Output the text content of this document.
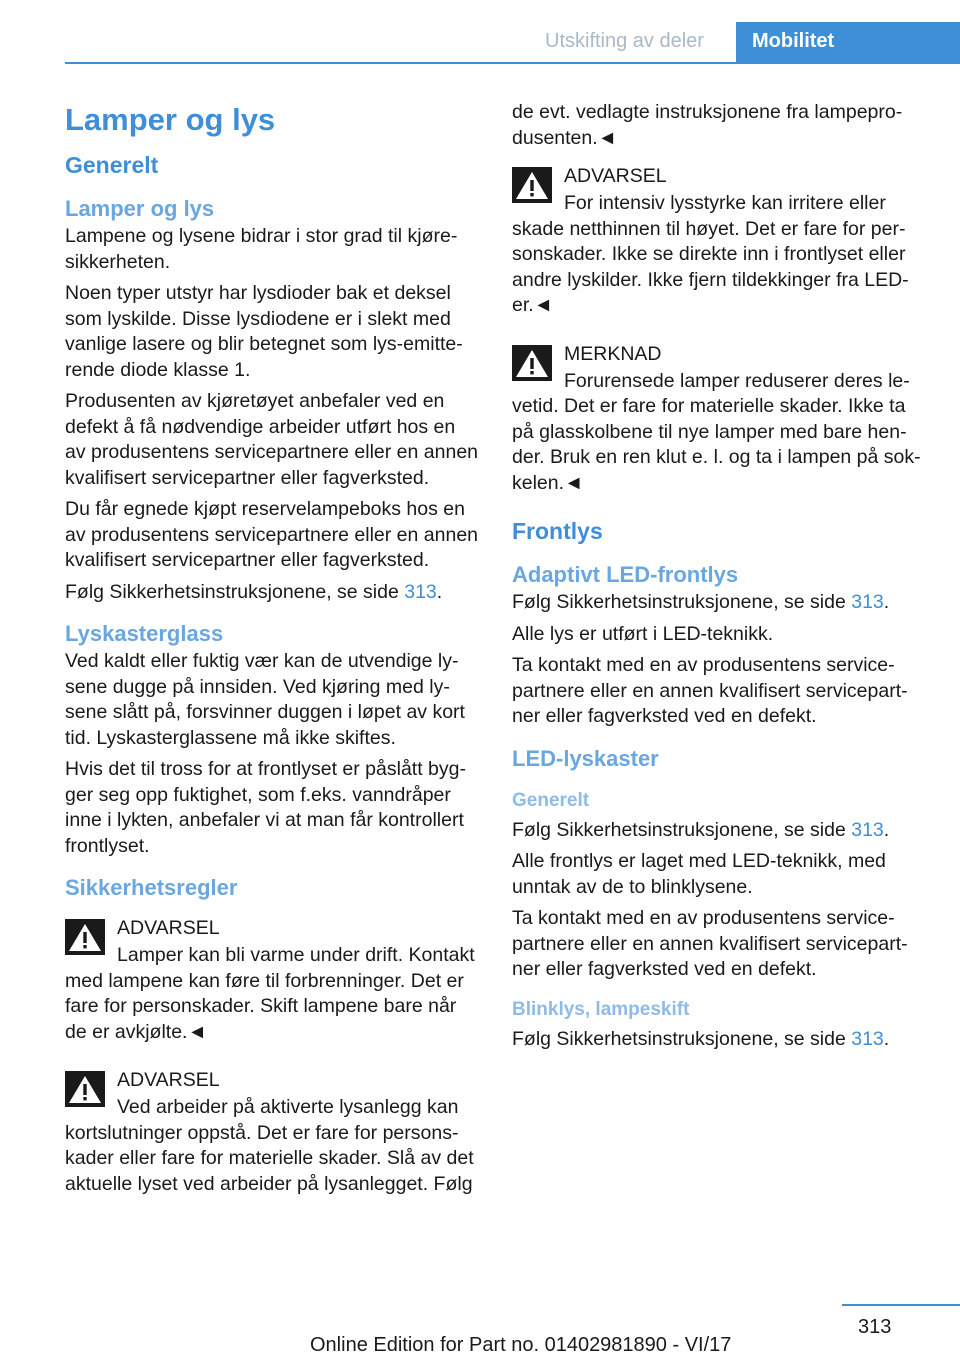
Utskifting av deler	Mobilitet
Lamper og lys
Generelt
Lamper og lys

Lampene og lysene bidrar i stor grad til kjøresikkerheten.

Noen typer utstyr har lysdioder bak et deksel som lyskilde. Disse lysdiodene er i slekt med vanlige lasere og blir betegnet som lys-emitterende diode klasse 1.

Produsenten av kjøretøyet anbefaler ved en defekt å få nødvendige arbeider utført hos en av produsentens servicepartnere eller en annen kvalifisert servicepartner eller fagverksted.

Du får egnede kjøpt reservelampeboks hos en av produsentens servicepartnere eller en annen kvalifisert servicepartner eller fagverksted.

Følg Sikkerhetsinstruksjonene, se side 313.

Lyskasterglass

Ved kaldt eller fuktig vær kan de utvendige lysene dugge på innsiden. Ved kjøring med lysene slått på, forsvinner duggen i løpet av kort tid. Lyskasterglassene må ikke skiftes.

Hvis det til tross for at frontlyset er påslått bygger seg opp fuktighet, som f.eks. vanndråper inne i lykten, anbefaler vi at man får kontrollert frontlyset.

Sikkerhetsregler
ADVARSEL
Lamper kan bli varme under drift. Kontakt med lampene kan føre til forbrenninger. Det er fare for personskader. Skift lampene bare når de er avkjølte.◄
ADVARSEL
Ved arbeider på aktiverte lysanlegg kan kortslutninger oppstå. Det er fare for personskader eller fare for materielle skader. Slå av det aktuelle lyset ved arbeider på lysanlegget. Følg

de evt. vedlagte instruksjonene fra lampeprodusenten.◄

ADVARSEL
For intensiv lysstyrke kan irritere eller skade netthinnen til høyet. Det er fare for personskader. Ikke se direkte inn i frontlyset eller andre lyskilder. Ikke fjern tildekkinger fra LED-er.◄
MERKNAD
Forurensede lamper reduserer deres levetid. Det er fare for materielle skader. Ikke ta på glasskolbene til nye lamper med bare hender. Bruk en ren klut e. l. og ta i lampen på sokkelen.◄
Frontlys
Adaptivt LED-frontlys

Følg Sikkerhetsinstruksjonene, se side 313.

Alle lys er utført i LED-teknikk.

Ta kontakt med en av produsentens servicepartnere eller en annen kvalifisert servicepartner eller fagverksted ved en defekt.

LED-lyskaster
Generelt

Følg Sikkerhetsinstruksjonene, se side 313.

Alle frontlys er laget med LED-teknikk, med unntak av de to blinklysene.

Ta kontakt med en av produsentens servicepartnere eller en annen kvalifisert servicepartner eller fagverksted ved en defekt.

Blinklys, lampeskift

Følg Sikkerhetsinstruksjonene, se side 313.

313
Online Edition for Part no. 01402981890 - VI/17
